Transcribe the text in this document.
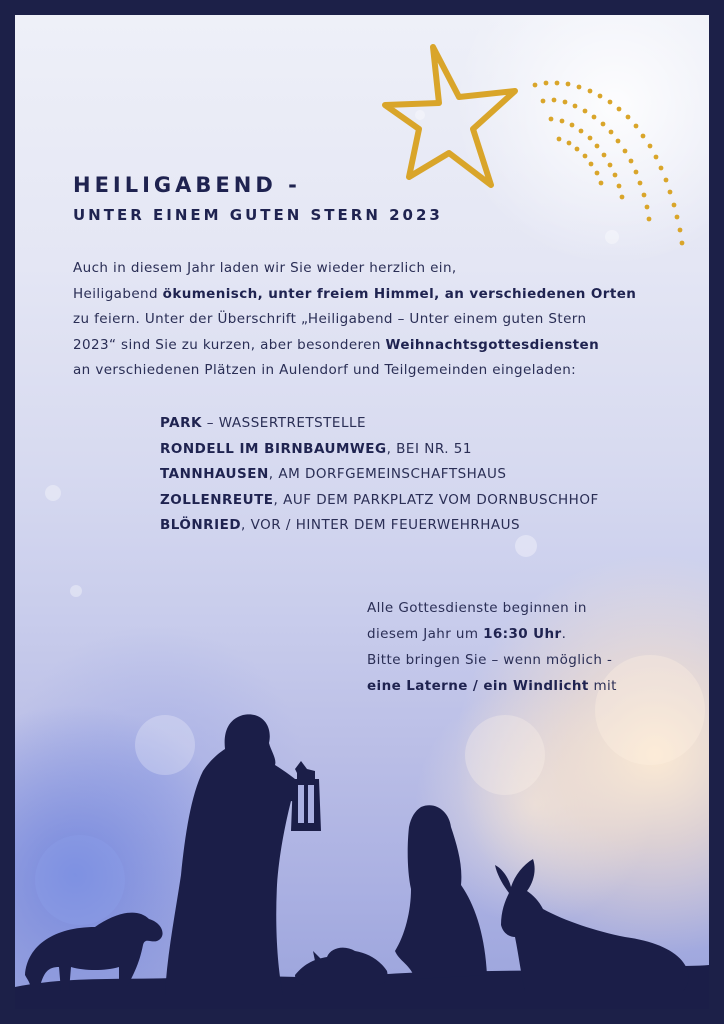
HEILIGABEND -
UNTER EINEM GUTEN STERN 2023
Auch in diesem Jahr laden wir Sie wieder herzlich ein,
Heiligabend ökumenisch, unter freiem Himmel, an verschiedenen Orten
zu feiern. Unter der Überschrift „Heiligabend – Unter einem guten Stern
2023“ sind Sie zu kurzen, aber besonderen Weihnachtsgottesdiensten
an verschiedenen Plätzen in Aulendorf und Teilgemeinden eingeladen:
PARK – WASSERTRETSTELLE
RONDELL IM BIRNBAUMWEG, BEI NR. 51
TANNHAUSEN, AM DORFGEMEINSCHAFTSHAUS
ZOLLENREUTE, AUF DEM PARKPLATZ VOM DORNBUSCHHOF
BLÖNRIED, VOR / HINTER DEM FEUERWEHRHAUS
Alle Gottesdienste beginnen in
diesem Jahr um 16:30 Uhr.
Bitte bringen Sie – wenn möglich -
eine Laterne / ein Windlicht mit
